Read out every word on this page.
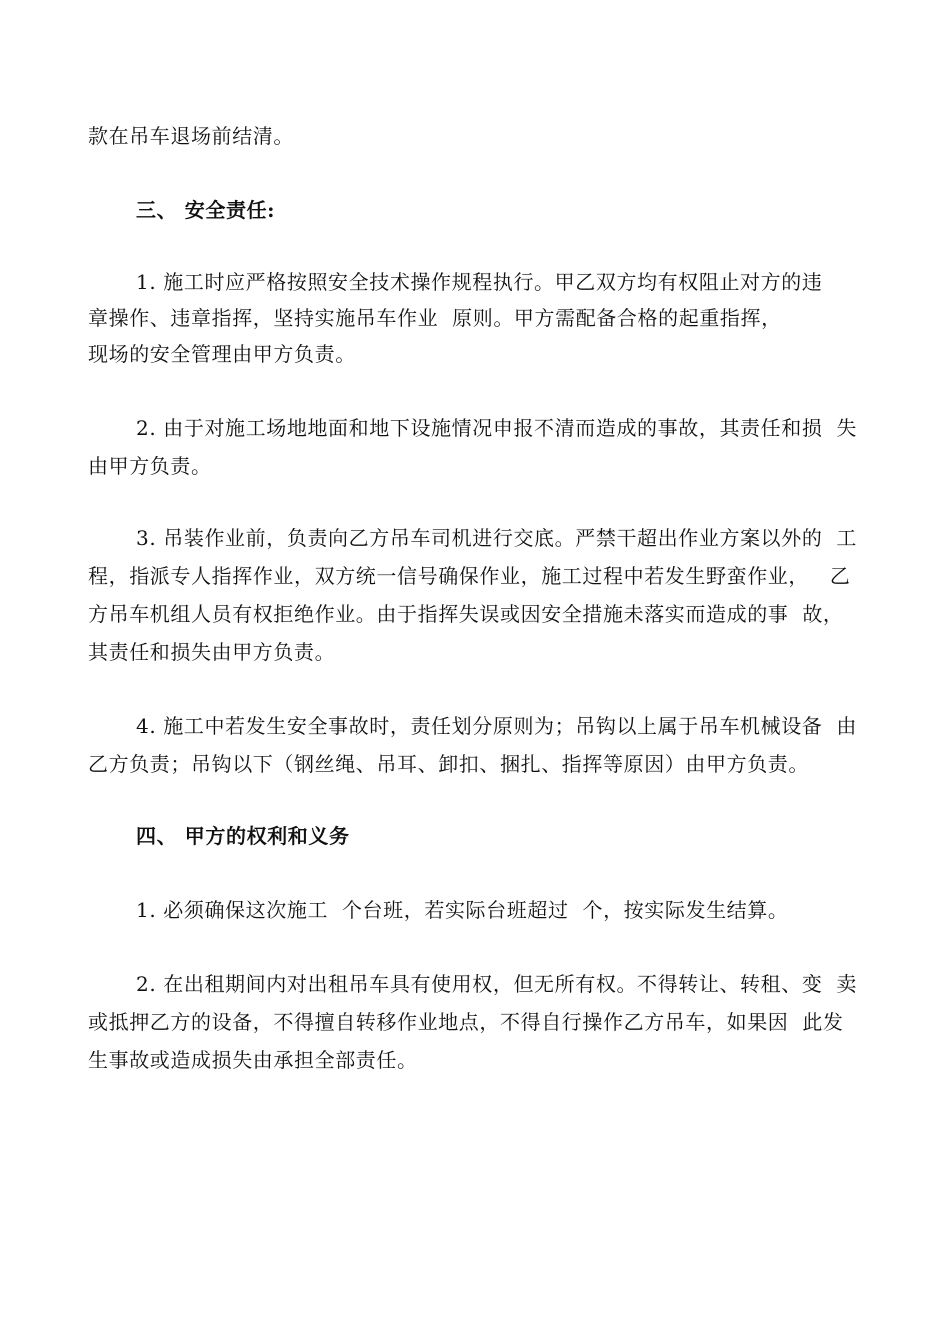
款在吊车退场前结清。
三、 安全责任:
1. 施工时应严格按照安全技术操作规程执行。甲乙双方均有权阻止对方的违
章操作、违章指挥，坚持实施吊车作业  原则。甲方需配备合格的起重指挥，
现场的安全管理由甲方负责。
2. 由于对施工场地地面和地下设施情况申报不清而造成的事故，其责任和损  失
由甲方负责。
3. 吊装作业前，负责向乙方吊车司机进行交底。严禁干超出作业方案以外的  工
程，指派专人指挥作业，双方统一信号确保作业，施工过程中若发生野蛮作业，   乙
方吊车机组人员有权拒绝作业。由于指挥失误或因安全措施未落实而造成的事  故，
其责任和损失由甲方负责。
4. 施工中若发生安全事故时，责任划分原则为；吊钩以上属于吊车机械设备  由
乙方负责；吊钩以下（钢丝绳、吊耳、卸扣、捆扎、指挥等原因）由甲方负责。
四、 甲方的权利和义务
1. 必须确保这次施工  个台班，若实际台班超过  个，按实际发生结算。
2. 在出租期间内对出租吊车具有使用权，但无所有权。不得转让、转租、变  卖
或抵押乙方的设备，不得擅自转移作业地点，不得自行操作乙方吊车，如果因  此发
生事故或造成损失由承担全部责任。
